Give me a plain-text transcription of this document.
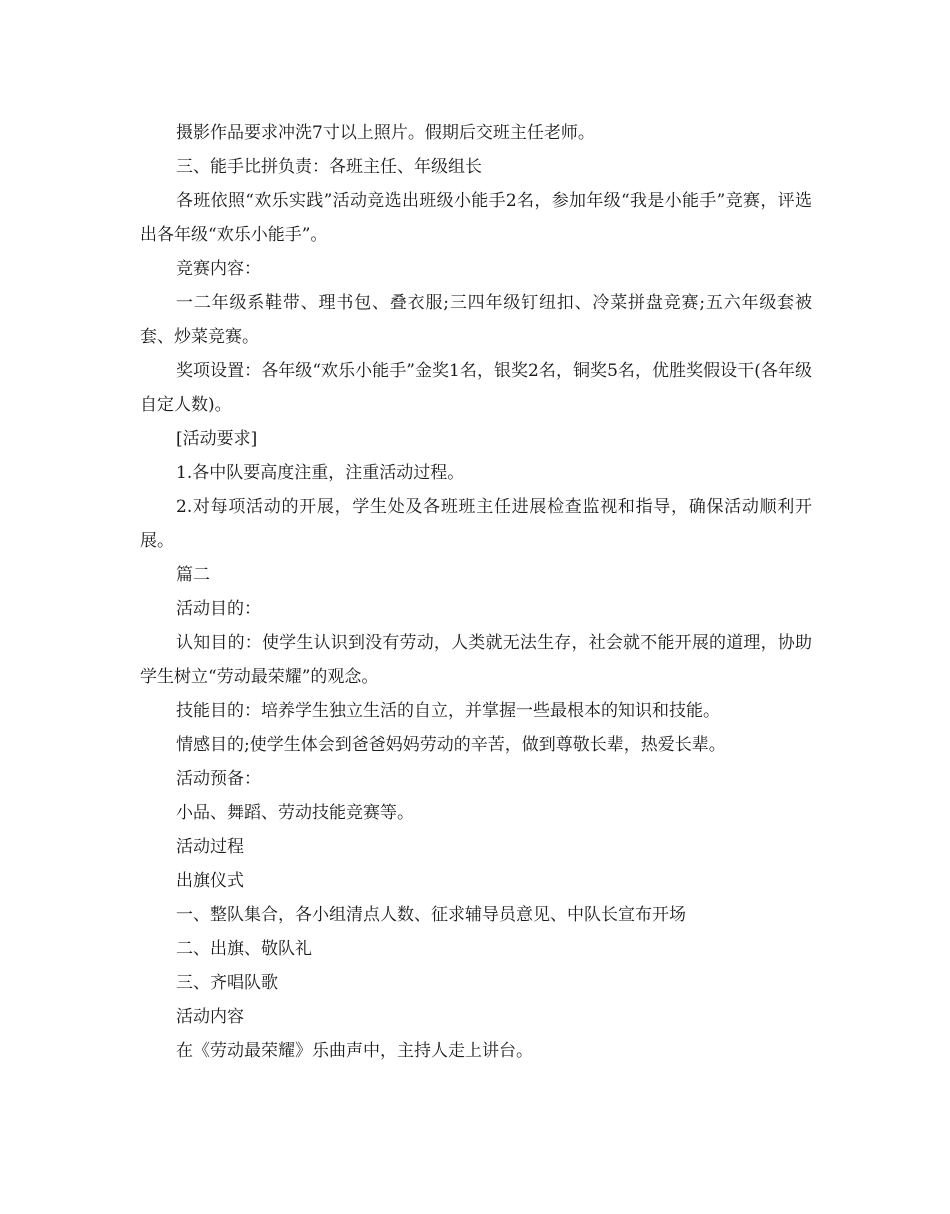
摄影作品要求冲洗7寸以上照片。假期后交班主任老师。

三、能手比拼负责：各班主任、年级组长

各班依照“欢乐实践”活动竞选出班级小能手2名，参加年级“我是小能手”竞赛，评选出各年级“欢乐小能手”。

竞赛内容：

一二年级系鞋带、理书包、叠衣服;三四年级钉纽扣、冷菜拼盘竞赛;五六年级套被套、炒菜竞赛。

奖项设置：各年级“欢乐小能手”金奖1名，银奖2名，铜奖5名，优胜奖假设干(各年级自定人数)。

[活动要求]

1.各中队要高度注重，注重活动过程。

2.对每项活动的开展，学生处及各班班主任进展检查监视和指导，确保活动顺利开展。

篇二

活动目的：

认知目的：使学生认识到没有劳动，人类就无法生存，社会就不能开展的道理，协助学生树立“劳动最荣耀”的观念。

技能目的：培养学生独立生活的自立，并掌握一些最根本的知识和技能。

情感目的;使学生体会到爸爸妈妈劳动的辛苦，做到尊敬长辈，热爱长辈。

活动预备：

小品、舞蹈、劳动技能竞赛等。

活动过程

出旗仪式

一、整队集合，各小组清点人数、征求辅导员意见、中队长宣布开场

二、出旗、敬队礼

三、齐唱队歌

活动内容

在《劳动最荣耀》乐曲声中，主持人走上讲台。
